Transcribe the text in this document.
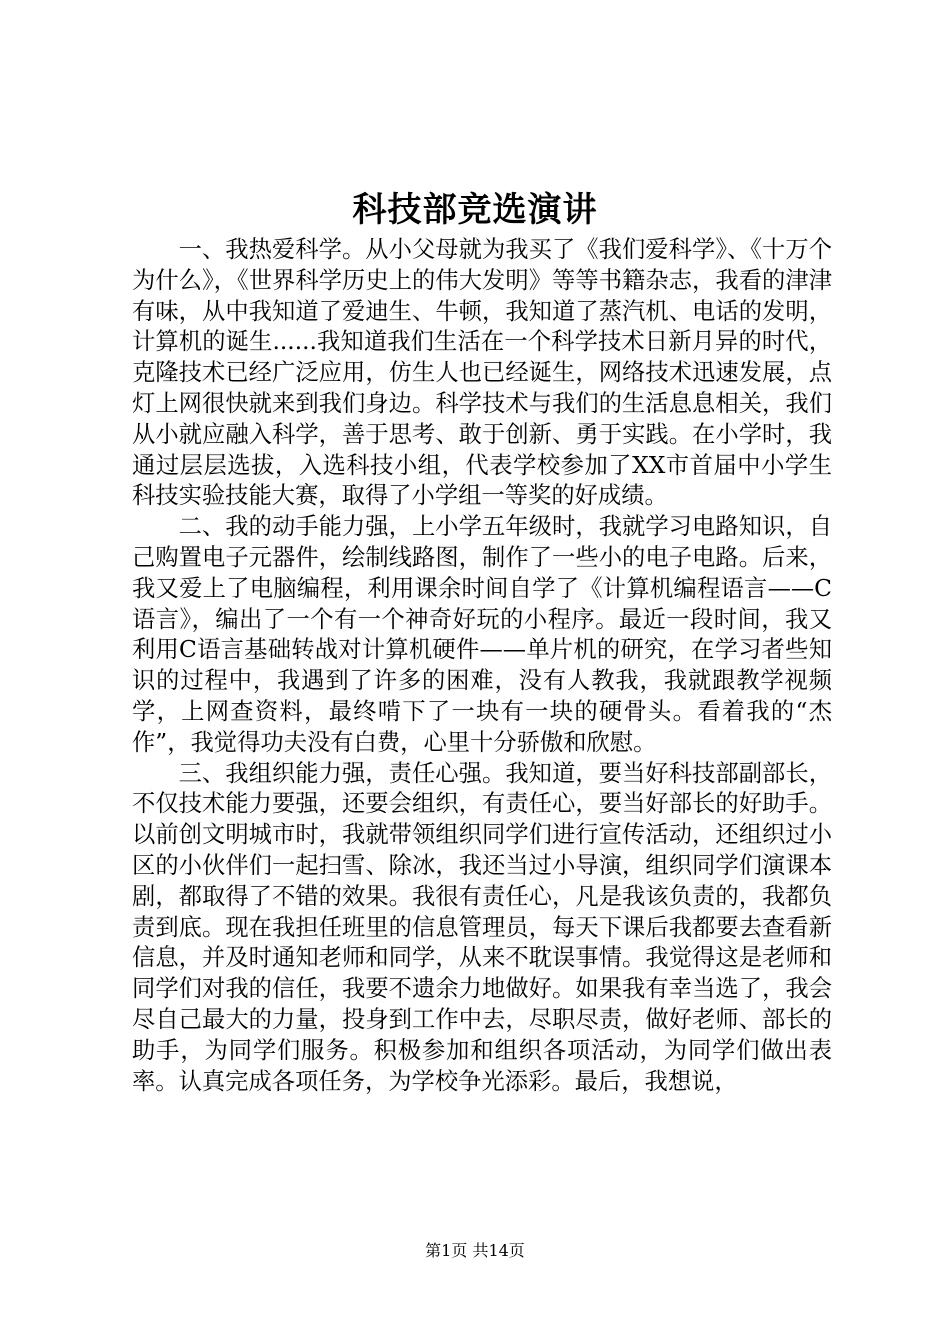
科技部竞选演讲

一、我热爱科学。从小父母就为我买了《我们爱科学》、《十万个为什么》，《世界科学历史上的伟大发明》等等书籍杂志，我看的津津有味，从中我知道了爱迪生、牛顿，我知道了蒸汽机、电话的发明，计算机的诞生......我知道我们生活在一个科学技术日新月异的时代，克隆技术已经广泛应用，仿生人也已经诞生，网络技术迅速发展，点灯上网很快就来到我们身边。科学技术与我们的生活息息相关，我们从小就应融入科学，善于思考、敢于创新、勇于实践。在小学时，我通过层层选拔，入选科技小组，代表学校参加了XX市首届中小学生科技实验技能大赛，取得了小学组一等奖的好成绩。

二、我的动手能力强，上小学五年级时，我就学习电路知识，自己购置电子元器件，绘制线路图，制作了一些小的电子电路。后来，我又爱上了电脑编程，利用课余时间自学了《计算机编程语言——C语言》，编出了一个有一个神奇好玩的小程序。最近一段时间，我又利用C语言基础转战对计算机硬件——单片机的研究，在学习者些知识的过程中，我遇到了许多的困难，没有人教我，我就跟教学视频学，上网查资料，最终啃下了一块有一块的硬骨头。看着我的“杰作”，我觉得功夫没有白费，心里十分骄傲和欣慰。

三、我组织能力强，责任心强。我知道，要当好科技部副部长，不仅技术能力要强，还要会组织，有责任心，要当好部长的好助手。以前创文明城市时，我就带领组织同学们进行宣传活动，还组织过小区的小伙伴们一起扫雪、除冰，我还当过小导演，组织同学们演课本剧，都取得了不错的效果。我很有责任心，凡是我该负责的，我都负责到底。现在我担任班里的信息管理员，每天下课后我都要去查看新信息，并及时通知老师和同学，从来不耽误事情。我觉得这是老师和同学们对我的信任，我要不遗余力地做好。如果我有幸当选了，我会尽自己最大的力量，投身到工作中去，尽职尽责，做好老师、部长的助手，为同学们服务。积极参加和组织各项活动，为同学们做出表率。认真完成各项任务，为学校争光添彩。最后，我想说，

第1页 共14页
